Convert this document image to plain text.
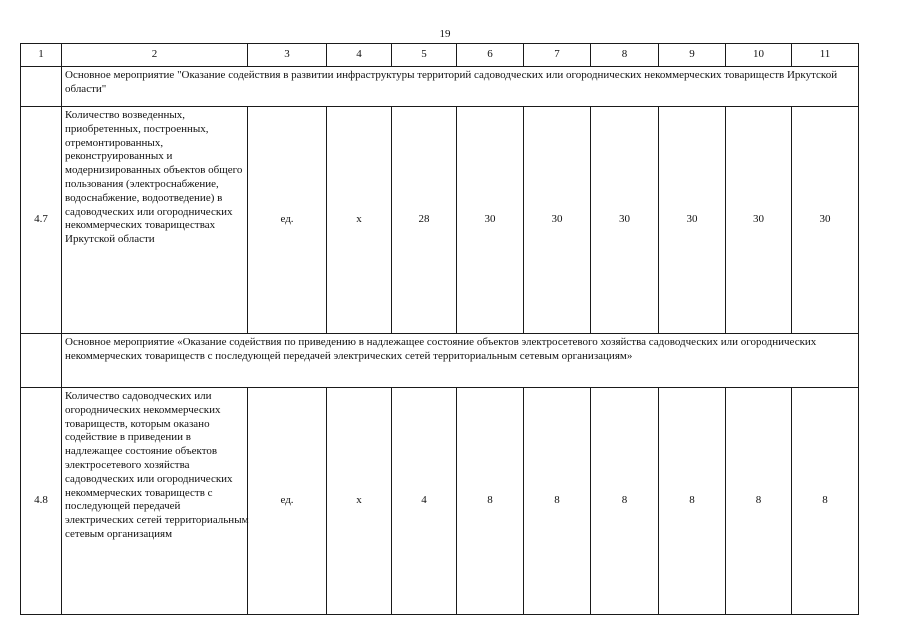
19
1	2	3	4	5	6	7	8	9	10	11
	Основное мероприятие "Оказание содействия в развитии инфраструктуры территорий садоводческих или огороднических некоммерческих товариществ Иркутской области"									
4.7	Количество возведенных, приобретенных, построенных, отремонтированных, реконструированных и модернизированных объектов общего пользования (электроснабжение, водоснабжение, водоотведение) в садоводческих или огороднических некоммерческих товариществах Иркутской области	ед.	х	28	30	30	30	30	30	30
	Основное мероприятие «Оказание содействия по приведению в надлежащее состояние объектов электросетевого хозяйства садоводческих или огороднических некоммерческих товариществ с последующей передачей электрических сетей территориальным сетевым организациям»									
4.8	Количество садоводческих или огороднических некоммерческих товариществ, которым оказано содействие в приведении в надлежащее состояние объектов электросетевого хозяйства садоводческих или огороднических некоммерческих товариществ с последующей передачей электрических сетей территориальным сетевым организациям	ед.	х	4	8	8	8	8	8	8
